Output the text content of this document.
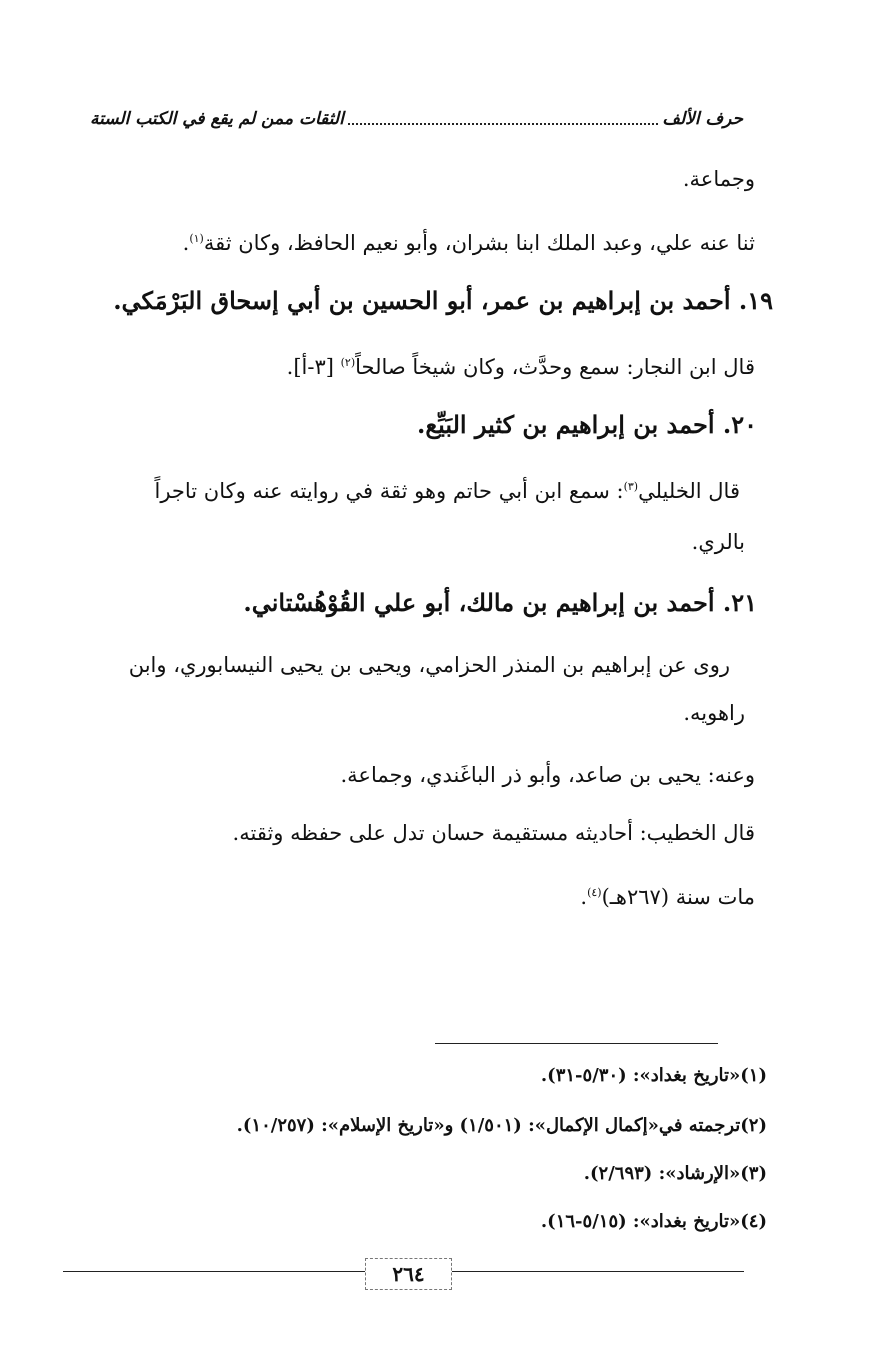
حرف الألف
الثقات ممن لم يقع في الكتب الستة
وجماعة.
ثنا عنه علي، وعبد الملك ابنا بشران، وأبو نعيم الحافظ، وكان ثقة$^{(١)}$.
١٩. أحمد بن إبراهيم بن عمر، أبو الحسين بن أبي إسحاق البَرْمَكي.
قال ابن النجار: سمع وحدَّث، وكان شيخاً صالحاً$^{(٢)}$ [٣-أ].
٢٠. أحمد بن إبراهيم بن كثير البَيِّع.
قال الخليلي$^{(٣)}$: سمع ابن أبي حاتم وهو ثقة في روايته عنه وكان تاجراً
بالري.
٢١. أحمد بن إبراهيم بن مالك، أبو علي القُوْهُسْتاني.
روى عن إبراهيم بن المنذر الحزامي، ويحيى بن يحيى النيسابوري، وابن
راهويه.
وعنه: يحيى بن صاعد، وأبو ذر الباغَندي، وجماعة.
قال الخطيب: أحاديثه مستقيمة حسان تدل على حفظه وثقته.
مات سنة (٢٦٧هـ)$^{(٤)}$.
(١)«تاريخ بغداد»: (٥/٣٠-٣١).
(٢)ترجمته في«إكمال الإكمال»: (١/٥٠١) و«تاريخ الإسلام»: (١٠/٢٥٧).
(٣)«الإرشاد»: (٢/٦٩٣).
(٤)«تاريخ بغداد»: (٥/١٥-١٦).
٢٦٤
